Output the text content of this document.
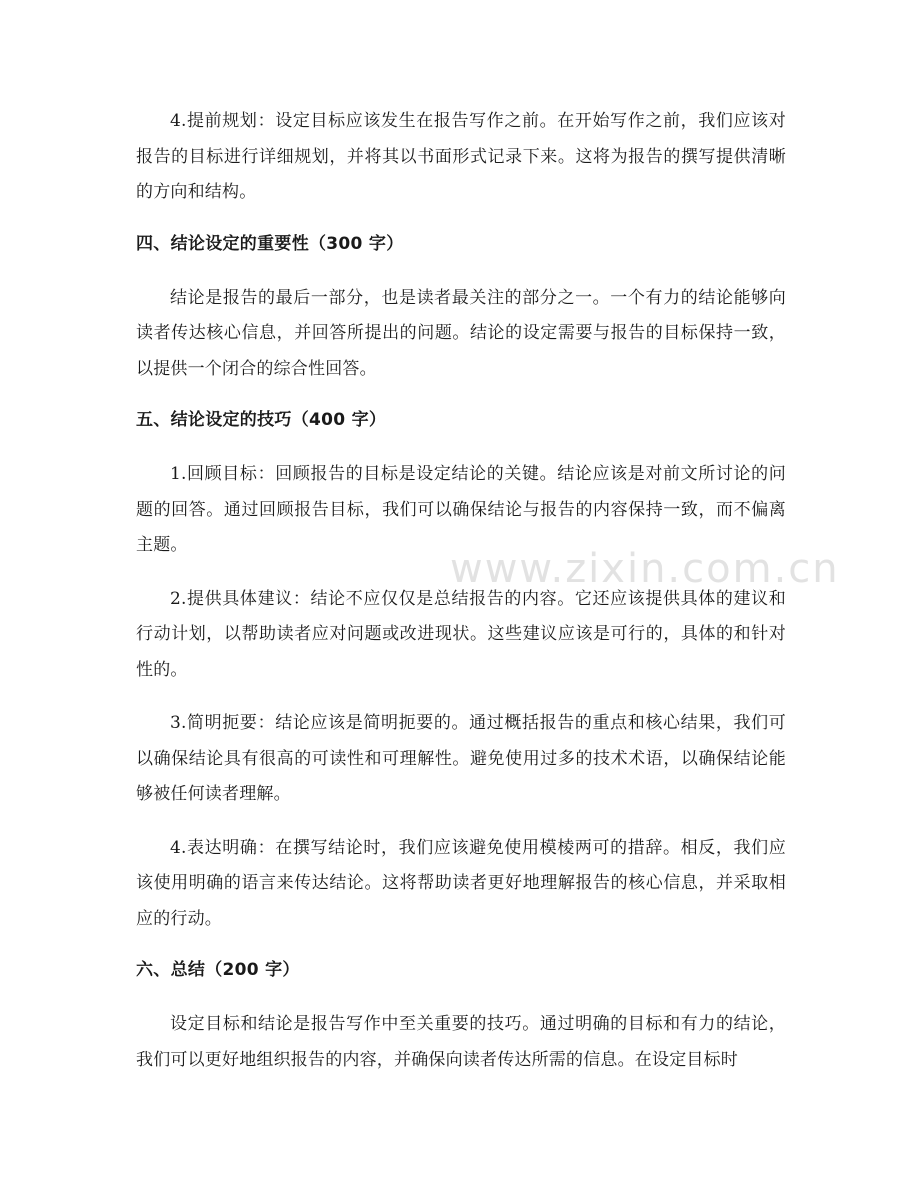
www.zixin.com.cn

4.提前规划：设定目标应该发生在报告写作之前。在开始写作之前，我们应该对报告的目标进行详细规划，并将其以书面形式记录下来。这将为报告的撰写提供清晰的方向和结构。

四、结论设定的重要性（300 字）

结论是报告的最后一部分，也是读者最关注的部分之一。一个有力的结论能够向读者传达核心信息，并回答所提出的问题。结论的设定需要与报告的目标保持一致，以提供一个闭合的综合性回答。

五、结论设定的技巧（400 字）

1.回顾目标：回顾报告的目标是设定结论的关键。结论应该是对前文所讨论的问题的回答。通过回顾报告目标，我们可以确保结论与报告的内容保持一致，而不偏离主题。

2.提供具体建议：结论不应仅仅是总结报告的内容。它还应该提供具体的建议和行动计划，以帮助读者应对问题或改进现状。这些建议应该是可行的，具体的和针对性的。

3.简明扼要：结论应该是简明扼要的。通过概括报告的重点和核心结果，我们可以确保结论具有很高的可读性和可理解性。避免使用过多的技术术语，以确保结论能够被任何读者理解。

4.表达明确：在撰写结论时，我们应该避免使用模棱两可的措辞。相反，我们应该使用明确的语言来传达结论。这将帮助读者更好地理解报告的核心信息，并采取相应的行动。

六、总结（200 字）

设定目标和结论是报告写作中至关重要的技巧。通过明确的目标和有力的结论，我们可以更好地组织报告的内容，并确保向读者传达所需的信息。在设定目标时
